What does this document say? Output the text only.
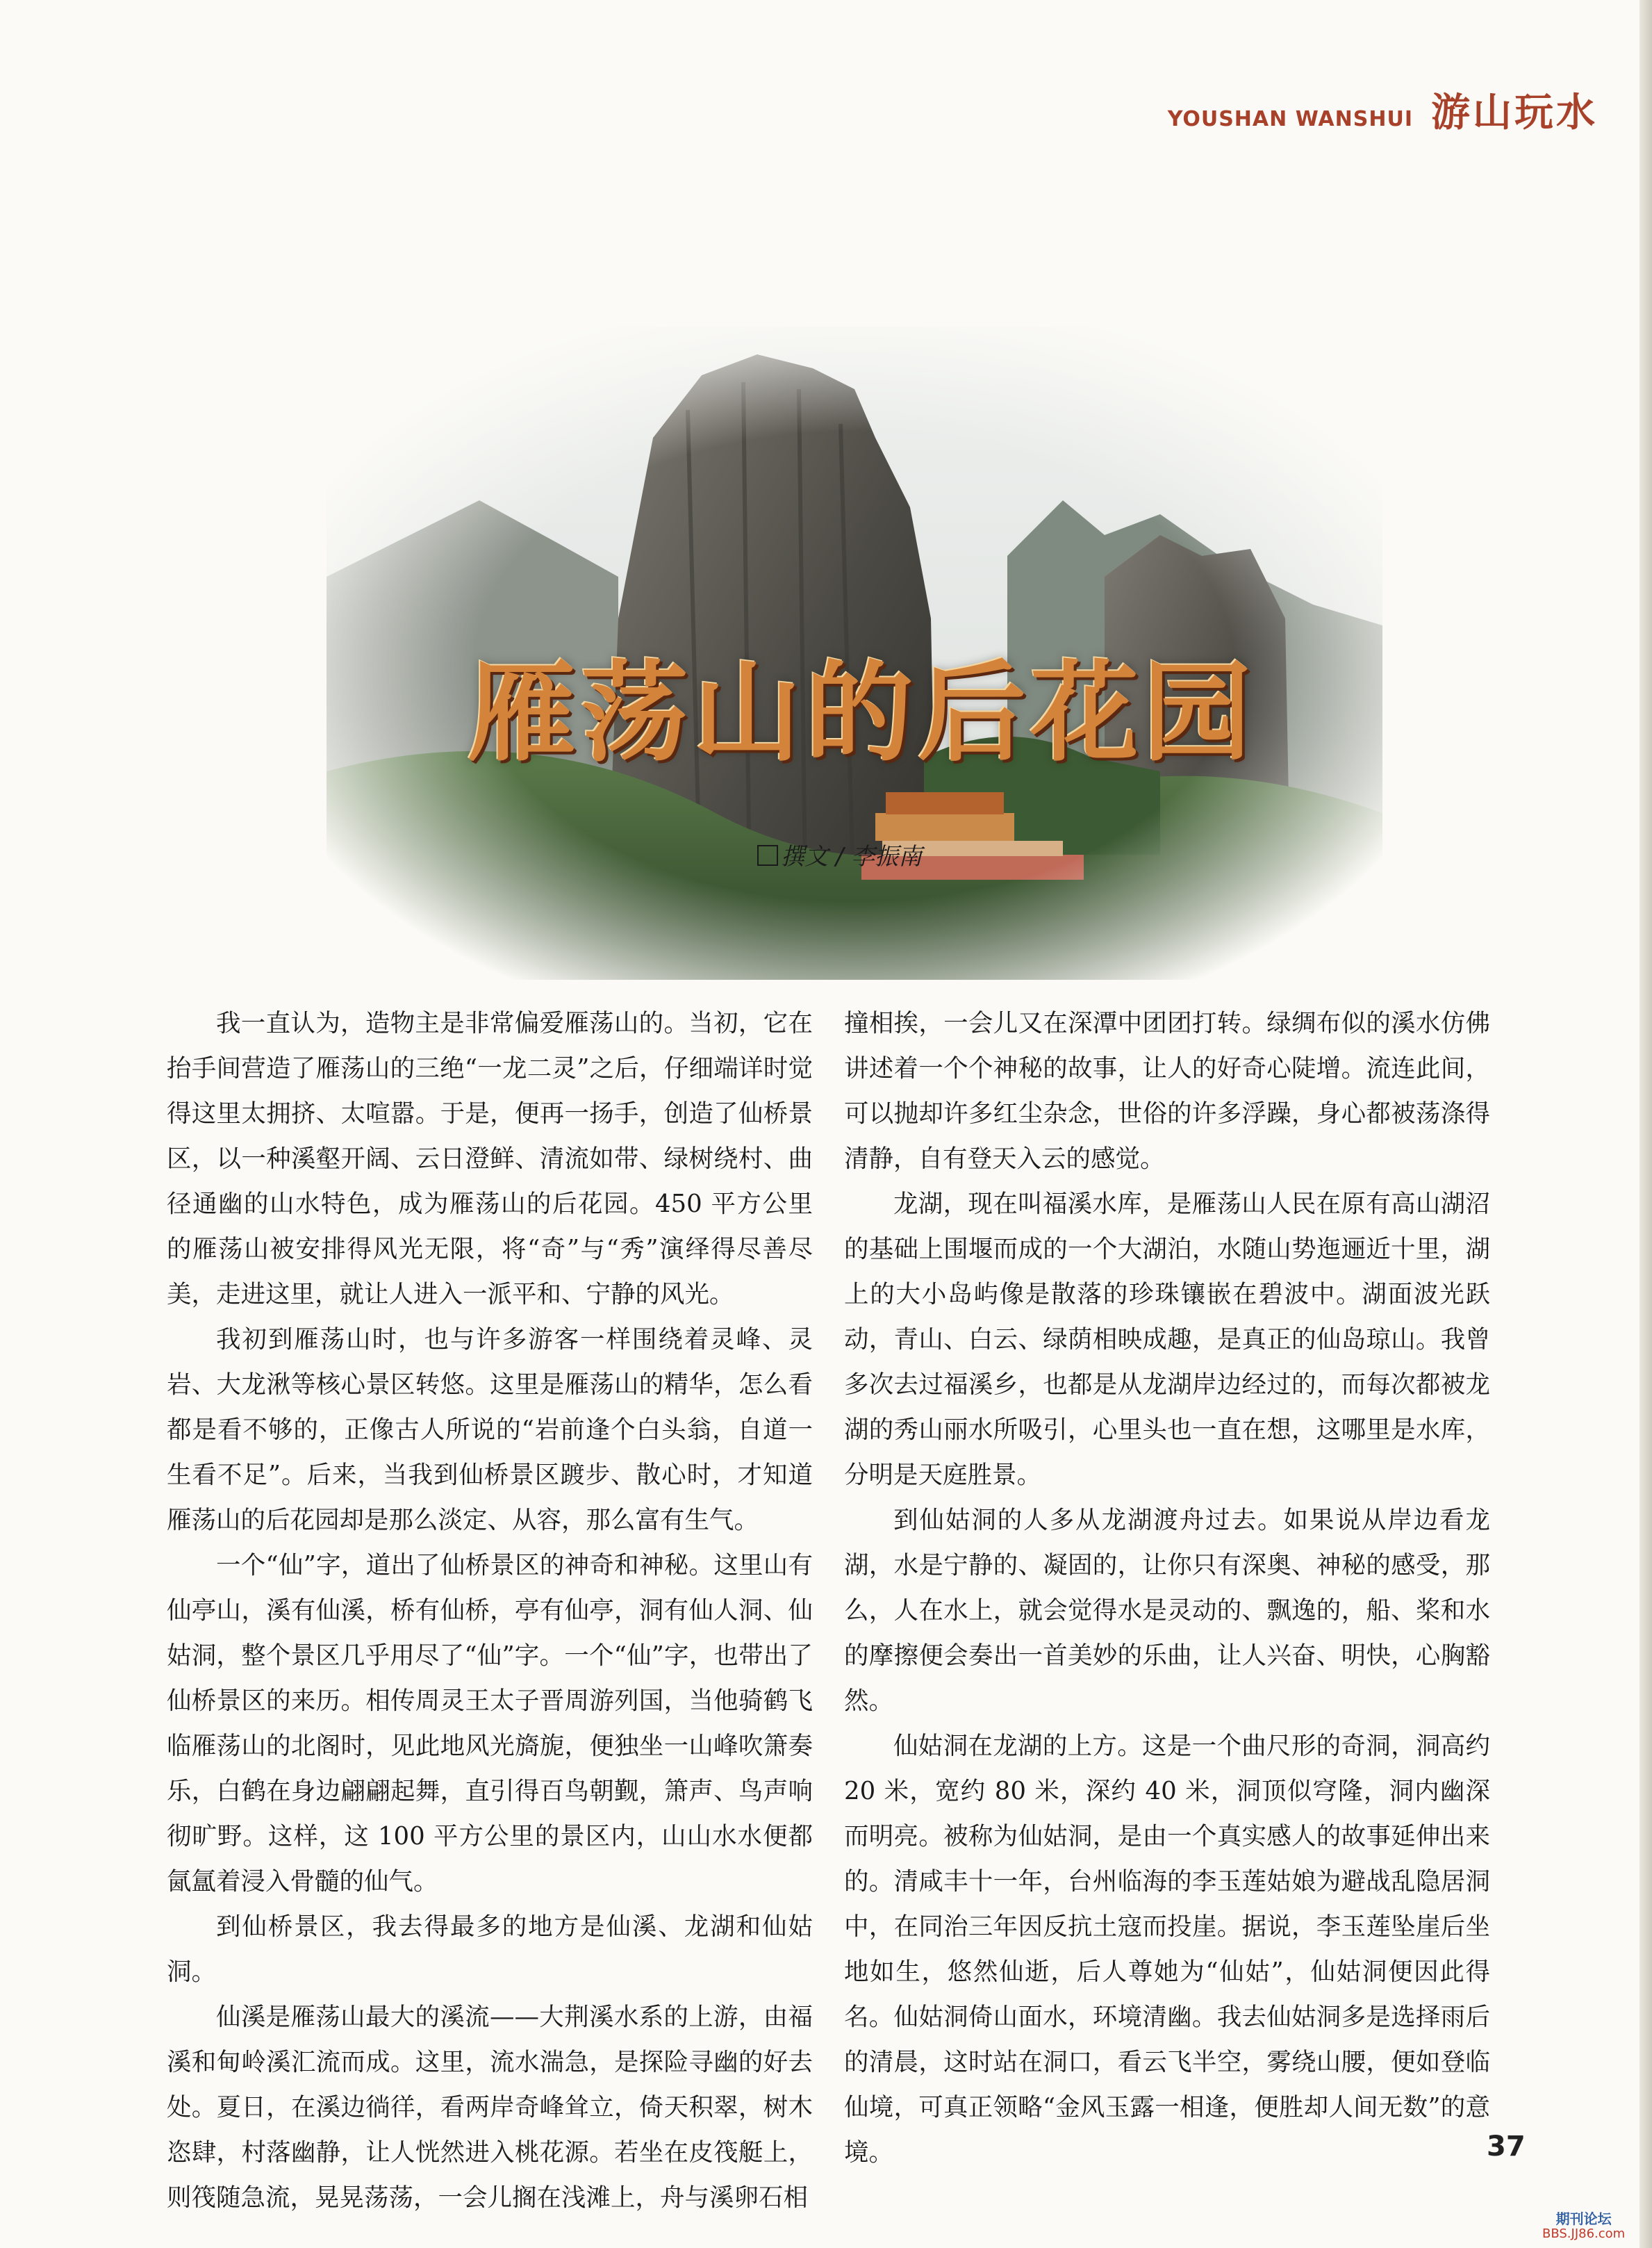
YOUSHAN WANSHUI 游山玩水
雁荡山的后花园
撰文 / 李振南

我一直认为，造物主是非常偏爱雁荡山的。当初，它在抬手间营造了雁荡山的三绝“一龙二灵”之后，仔细端详时觉得这里太拥挤、太喧嚣。于是，便再一扬手，创造了仙桥景区，以一种溪壑开阔、云日澄鲜、清流如带、绿树绕村、曲径通幽的山水特色，成为雁荡山的后花园。450 平方公里的雁荡山被安排得风光无限，将“奇”与“秀”演绎得尽善尽美，走进这里，就让人进入一派平和、宁静的风光。

我初到雁荡山时，也与许多游客一样围绕着灵峰、灵岩、大龙湫等核心景区转悠。这里是雁荡山的精华，怎么看都是看不够的，正像古人所说的“岩前逢个白头翁，自道一生看不足”。后来，当我到仙桥景区踱步、散心时，才知道雁荡山的后花园却是那么淡定、从容，那么富有生气。

一个“仙”字，道出了仙桥景区的神奇和神秘。这里山有仙亭山，溪有仙溪，桥有仙桥，亭有仙亭，洞有仙人洞、仙姑洞，整个景区几乎用尽了“仙”字。一个“仙”字，也带出了仙桥景区的来历。相传周灵王太子晋周游列国，当他骑鹤飞临雁荡山的北阁时，见此地风光旖旎，便独坐一山峰吹箫奏乐，白鹤在身边翩翩起舞，直引得百鸟朝觐，箫声、鸟声响彻旷野。这样，这 100 平方公里的景区内，山山水水便都氤氲着浸入骨髓的仙气。

到仙桥景区，我去得最多的地方是仙溪、龙湖和仙姑洞。

仙溪是雁荡山最大的溪流——大荆溪水系的上游，由福溪和甸岭溪汇流而成。这里，流水湍急，是探险寻幽的好去处。夏日，在溪边徜徉，看两岸奇峰耸立，倚天积翠，树木恣肆，村落幽静，让人恍然进入桃花源。若坐在皮筏艇上，则筏随急流，晃晃荡荡，一会儿搁在浅滩上，舟与溪卵石相

撞相挨，一会儿又在深潭中团团打转。绿绸布似的溪水仿佛讲述着一个个神秘的故事，让人的好奇心陡增。流连此间，可以抛却许多红尘杂念，世俗的许多浮躁，身心都被荡涤得清静，自有登天入云的感觉。

龙湖，现在叫福溪水库，是雁荡山人民在原有高山湖沼的基础上围堰而成的一个大湖泊，水随山势迤逦近十里，湖上的大小岛屿像是散落的珍珠镶嵌在碧波中。湖面波光跃动，青山、白云、绿荫相映成趣，是真正的仙岛琼山。我曾多次去过福溪乡，也都是从龙湖岸边经过的，而每次都被龙湖的秀山丽水所吸引，心里头也一直在想，这哪里是水库，分明是天庭胜景。

到仙姑洞的人多从龙湖渡舟过去。如果说从岸边看龙湖，水是宁静的、凝固的，让你只有深奥、神秘的感受，那么，人在水上，就会觉得水是灵动的、飘逸的，船、桨和水的摩擦便会奏出一首美妙的乐曲，让人兴奋、明快，心胸豁然。

仙姑洞在龙湖的上方。这是一个曲尺形的奇洞，洞高约 20 米，宽约 80 米，深约 40 米，洞顶似穹隆，洞内幽深而明亮。被称为仙姑洞，是由一个真实感人的故事延伸出来的。清咸丰十一年，台州临海的李玉莲姑娘为避战乱隐居洞中，在同治三年因反抗土寇而投崖。据说，李玉莲坠崖后坐地如生，悠然仙逝，后人尊她为“仙姑”，仙姑洞便因此得名。仙姑洞倚山面水，环境清幽。我去仙姑洞多是选择雨后的清晨，这时站在洞口，看云飞半空，雾绕山腰，便如登临仙境，可真正领略“金风玉露一相逢，便胜却人间无数”的意境。	37
期刊论坛
BBS.JJ86.com
